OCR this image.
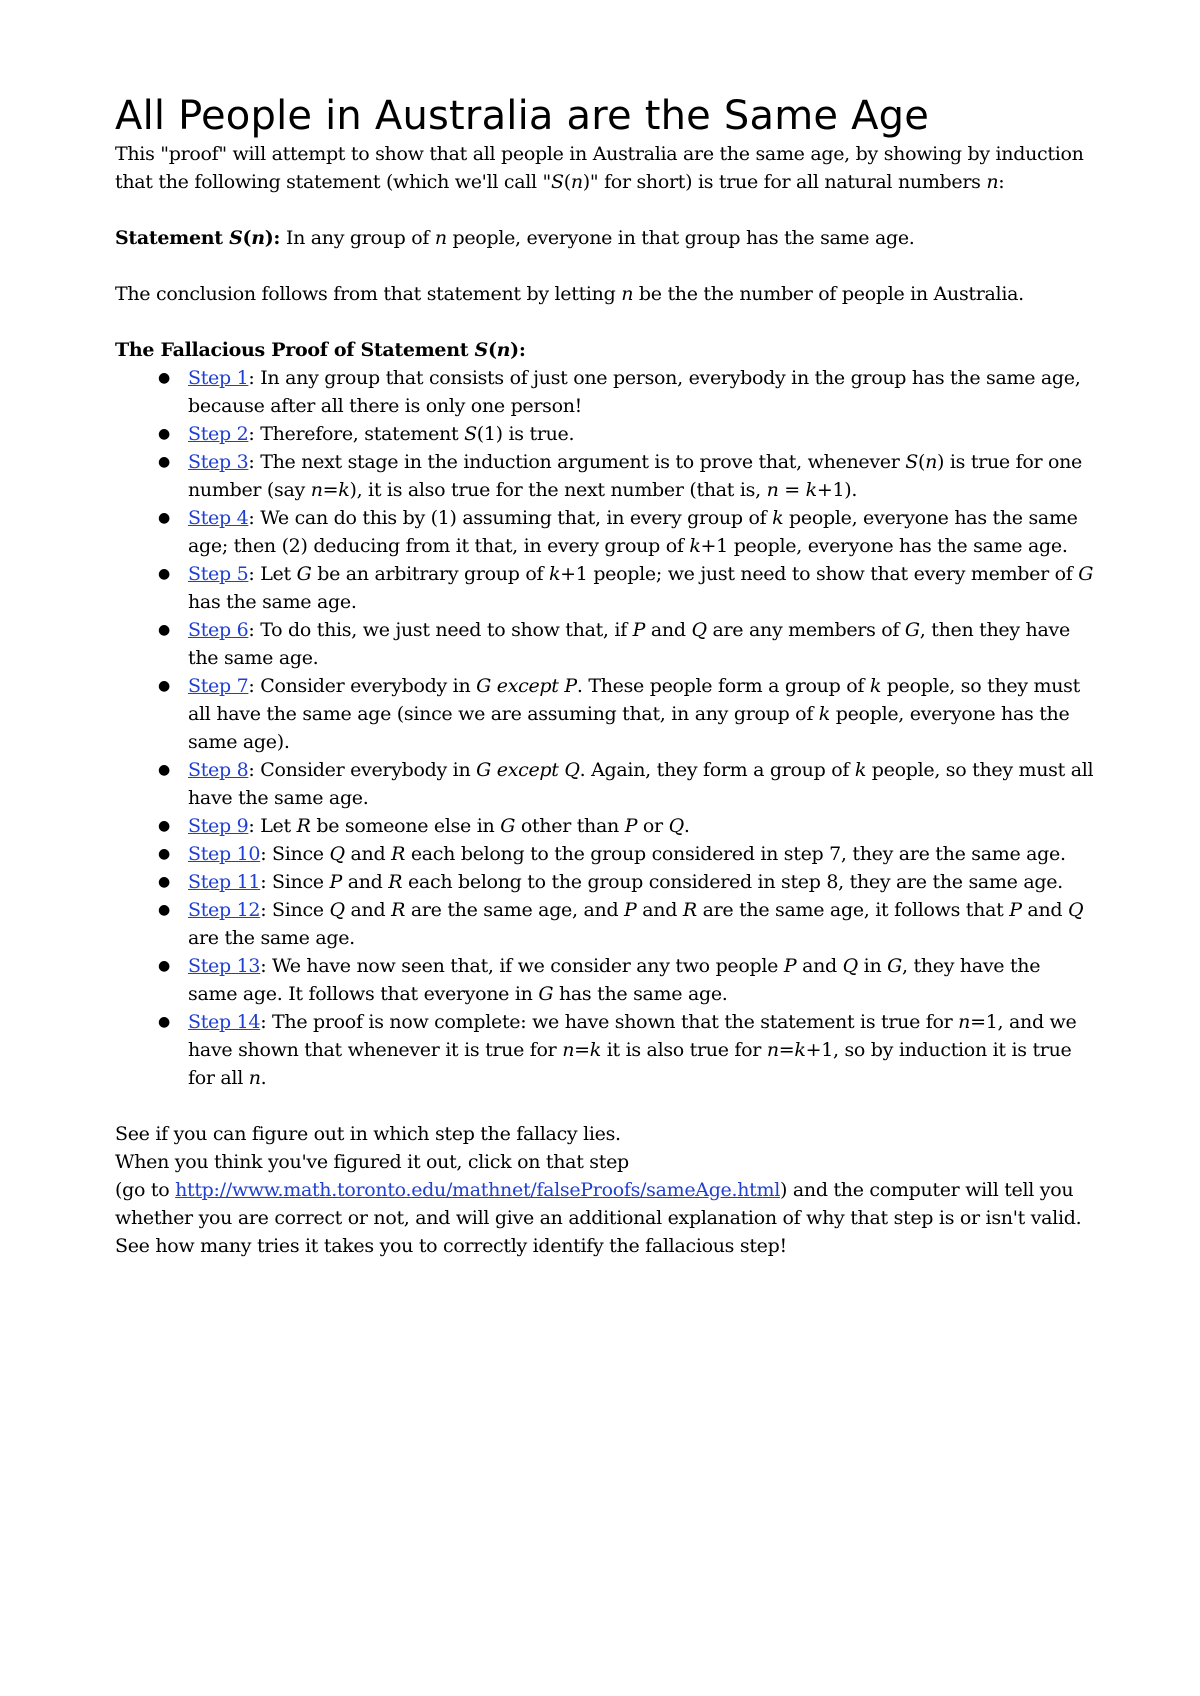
All People in Australia are the Same Age

This "proof" will attempt to show that all people in Australia are the same age, by showing by induction that the following statement (which we'll call "S(n)" for short) is true for all natural numbers n:

Statement S(n): In any group of n people, everyone in that group has the same age.

The conclusion follows from that statement by letting n be the the number of people in Australia.

The Fallacious Proof of Statement S(n):

● Step 1: In any group that consists of just one person, everybody in the group has the same age, because after all there is only one person!
● Step 2: Therefore, statement S(1) is true.
● Step 3: The next stage in the induction argument is to prove that, whenever S(n) is true for one number (say n=k), it is also true for the next number (that is, n = k+1).
● Step 4: We can do this by (1) assuming that, in every group of k people, everyone has the same age; then (2) deducing from it that, in every group of k+1 people, everyone has the same age.
● Step 5: Let G be an arbitrary group of k+1 people; we just need to show that every member of G has the same age.
● Step 6: To do this, we just need to show that, if P and Q are any members of G, then they have the same age.
● Step 7: Consider everybody in G except P. These people form a group of k people, so they must all have the same age (since we are assuming that, in any group of k people, everyone has the same age).
● Step 8: Consider everybody in G except Q. Again, they form a group of k people, so they must all have the same age.
● Step 9: Let R be someone else in G other than P or Q.
● Step 10: Since Q and R each belong to the group considered in step 7, they are the same age.
● Step 11: Since P and R each belong to the group considered in step 8, they are the same age.
● Step 12: Since Q and R are the same age, and P and R are the same age, it follows that P and Q are the same age.
● Step 13: We have now seen that, if we consider any two people P and Q in G, they have the same age. It follows that everyone in G has the same age.
● Step 14: The proof is now complete: we have shown that the statement is true for n=1, and we have shown that whenever it is true for n=k it is also true for n=k+1, so by induction it is true for all n.

See if you can figure out in which step the fallacy lies.

When you think you've figured it out, click on that step

(go to http://www.math.toronto.edu/mathnet/falseProofs/sameAge.html) and the computer will tell you whether you are correct or not, and will give an additional explanation of why that step is or isn't valid.

See how many tries it takes you to correctly identify the fallacious step!
